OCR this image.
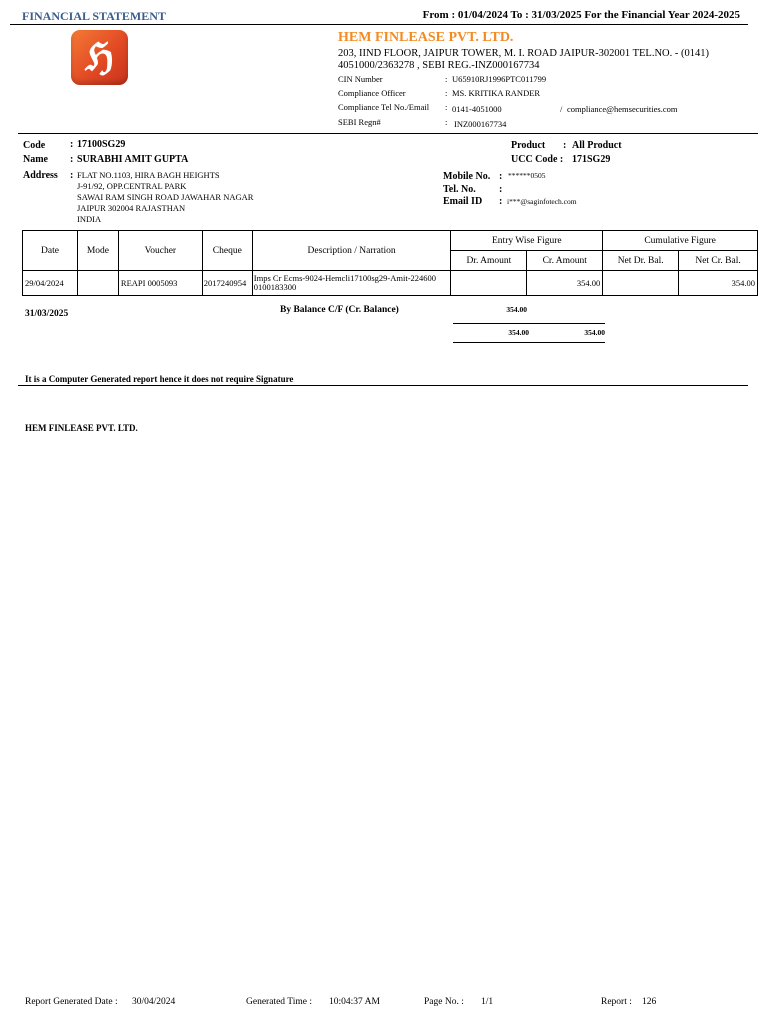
FINANCIAL STATEMENT	From : 01/04/2024 To : 31/03/2025 For the Financial Year 2024-2025
ℌ	HEM FINLEASE PVT. LTD.
203, IIND FLOOR, JAIPUR TOWER, M. I. ROAD JAIPUR-302001 TEL.NO. - (0141) 4051000/2363278 , SEBI REG.-INZ000167734
CIN Number	: U65910RJ1996PTC011799
Compliance Officer	: MS. KRITIKA RANDER
Compliance Tel No./Email : 0141-4051000	/ compliance@hemsecurities.com
SEBI Regn#	: INZ000167734
Code : 17100SG29
Name : SURABHI AMIT GUPTA
Address : FLAT NO.1103, HIRA BAGH HEIGHTS
J-91/92, OPP.CENTRAL PARK
SAWAI RAM SINGH ROAD JAWAHAR NAGAR
JAIPUR 302004 RAJASTHAN
INDIA
Product : All Product
UCC Code : 171SG29
Mobile No. : ******0505
Tel. No. :
Email ID : i***@saginfotech.com
Date	Mode	Voucher	Cheque	Description / Narration	Entry Wise Figure		Cumulative Figure	
					Dr. Amount	Cr. Amount	Net Dr. Bal.	Net Cr. Bal.
29/04/2024		REAPI 0005093	2017240954	Imps Cr Ecms-9024-Hemcli17100sg29-Amit-224600 0100183300		354.00		354.00
31/03/2025	By Balance C/F (Cr. Balance)	354.00
354.00	354.00
It is a Computer Generated report hence it does not require Signature
HEM FINLEASE PVT. LTD.
Report Generated Date : 30/04/2024	Generated Time : 10:04:37 AM	Page No. : 1/1	Report : 126
